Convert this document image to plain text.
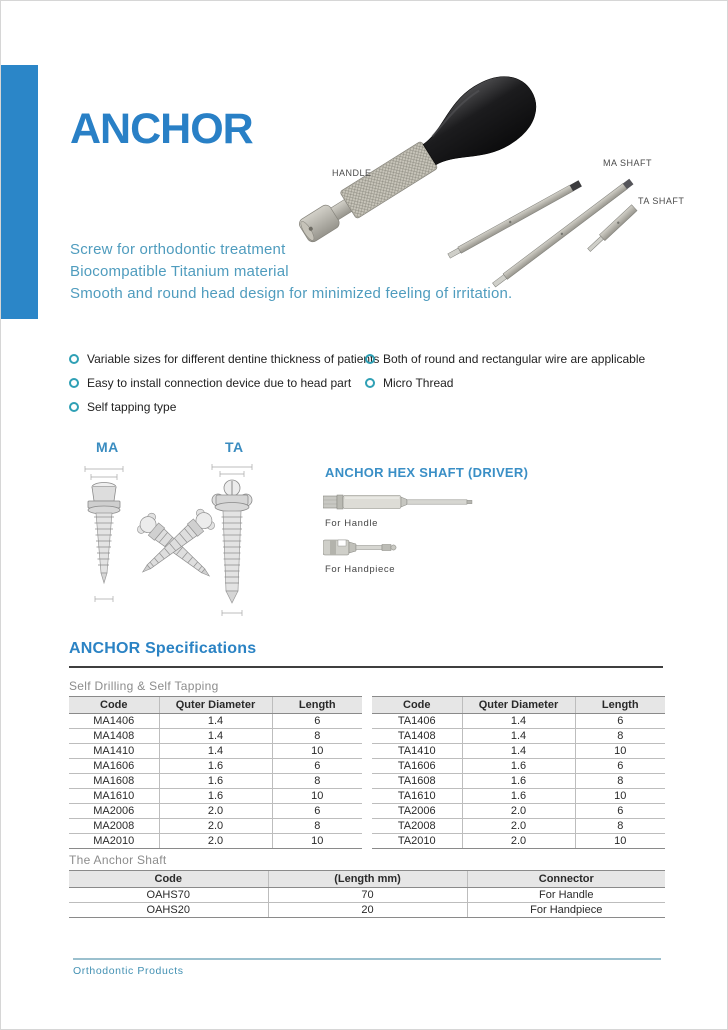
ANCHOR
HANDLE
MA SHAFT
TA SHAFT
Screw for orthodontic treatment
Biocompatible Titanium material
Smooth and round head design for minimized feeling of irritation.
Variable sizes for different dentine thickness of patients
Easy to install connection device due to head part
Self tapping type
Both of round and rectangular wire are applicable
Micro Thread
MA	TA
ANCHOR HEX SHAFT (DRIVER)
For Handle
For Handpiece
ANCHOR Specifications
Self Drilling & Self Tapping
Code	Quter Diameter	Length
MA1406	1.4	6
MA1408	1.4	8
MA1410	1.4	10
MA1606	1.6	6
MA1608	1.6	8
MA1610	1.6	10
MA2006	2.0	6
MA2008	2.0	8
MA2010	2.0	10
Code	Quter Diameter	Length
TA1406	1.4	6
TA1408	1.4	8
TA1410	1.4	10
TA1606	1.6	6
TA1608	1.6	8
TA1610	1.6	10
TA2006	2.0	6
TA2008	2.0	8
TA2010	2.0	10
The Anchor Shaft
Code	(Length mm)	Connector
OAHS70	70	For Handle
OAHS20	20	For Handpiece
Orthodontic Products
